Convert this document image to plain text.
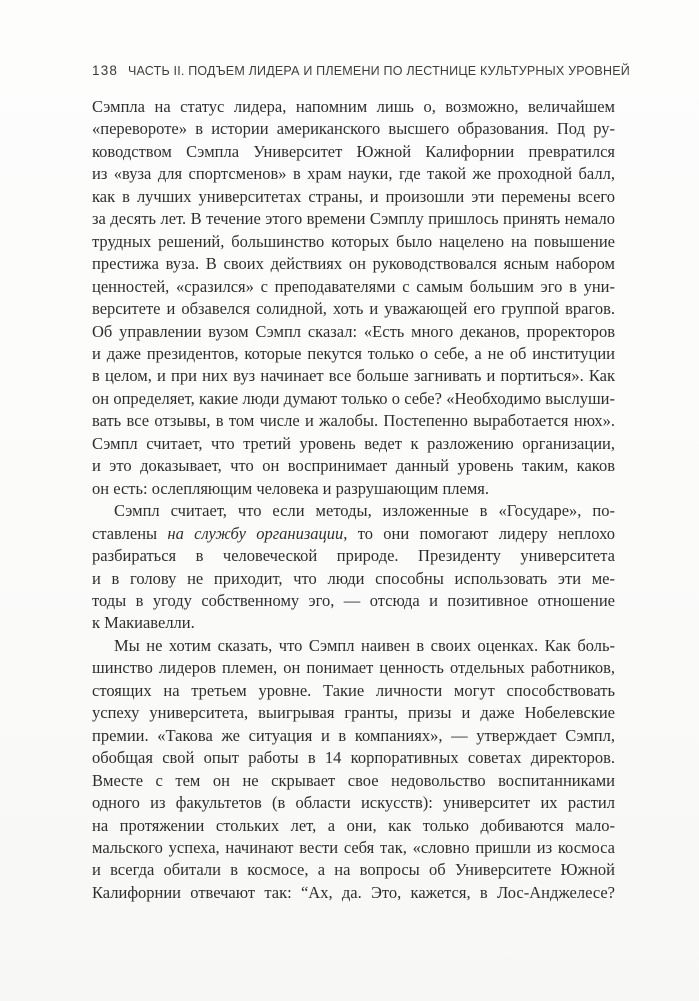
138 ЧАСТЬ II. ПОДЪЕМ ЛИДЕРА И ПЛЕМЕНИ ПО ЛЕСТНИЦЕ КУЛЬТУРНЫХ УРОВНЕЙ
Сэмпла на статус лидера, напомним лишь о, возможно, величайшем
«перевороте» в истории американского высшего образования. Под ру-
ководством Сэмпла Университет Южной Калифорнии превратился
из «вуза для спортсменов» в храм науки, где такой же проходной балл,
как в лучших университетах страны, и произошли эти перемены всего
за десять лет. В течение этого времени Сэмплу пришлось принять немало
трудных решений, большинство которых было нацелено на повышение
престижа вуза. В своих действиях он руководствовался ясным набором
ценностей, «сразился» с преподавателями с самым большим эго в уни-
верситете и обзавелся солидной, хоть и уважающей его группой врагов.
Об управлении вузом Сэмпл сказал: «Есть много деканов, проректоров
и даже президентов, которые пекутся только о себе, а не об институции
в целом, и при них вуз начинает все больше загнивать и портиться». Как
он определяет, какие люди думают только о себе? «Необходимо выслуши-
вать все отзывы, в том числе и жалобы. Постепенно выработается нюх».
Сэмпл считает, что третий уровень ведет к разложению организации,
и это доказывает, что он воспринимает данный уровень таким, каков
он есть: ослепляющим человека и разрушающим племя.
Сэмпл считает, что если методы, изложенные в «Государе», по-
ставлены на службу организации, то они помогают лидеру неплохо
разбираться в человеческой природе. Президенту университета
и в голову не приходит, что люди способны использовать эти ме-
тоды в угоду собственному эго, — отсюда и позитивное отношение
к Макиавелли.
Мы не хотим сказать, что Сэмпл наивен в своих оценках. Как боль-
шинство лидеров племен, он понимает ценность отдельных работников,
стоящих на третьем уровне. Такие личности могут способствовать
успеху университета, выигрывая гранты, призы и даже Нобелевские
премии. «Такова же ситуация и в компаниях», — утверждает Сэмпл,
обобщая свой опыт работы в 14 корпоративных советах директоров.
Вместе с тем он не скрывает свое недовольство воспитанниками
одного из факультетов (в области искусств): университет их растил
на протяжении стольких лет, а они, как только добиваются мало-
мальского успеха, начинают вести себя так, «словно пришли из космоса
и всегда обитали в космосе, а на вопросы об Университете Южной
Калифорнии отвечают так: “Ах, да. Это, кажется, в Лос-Анджелесе?
